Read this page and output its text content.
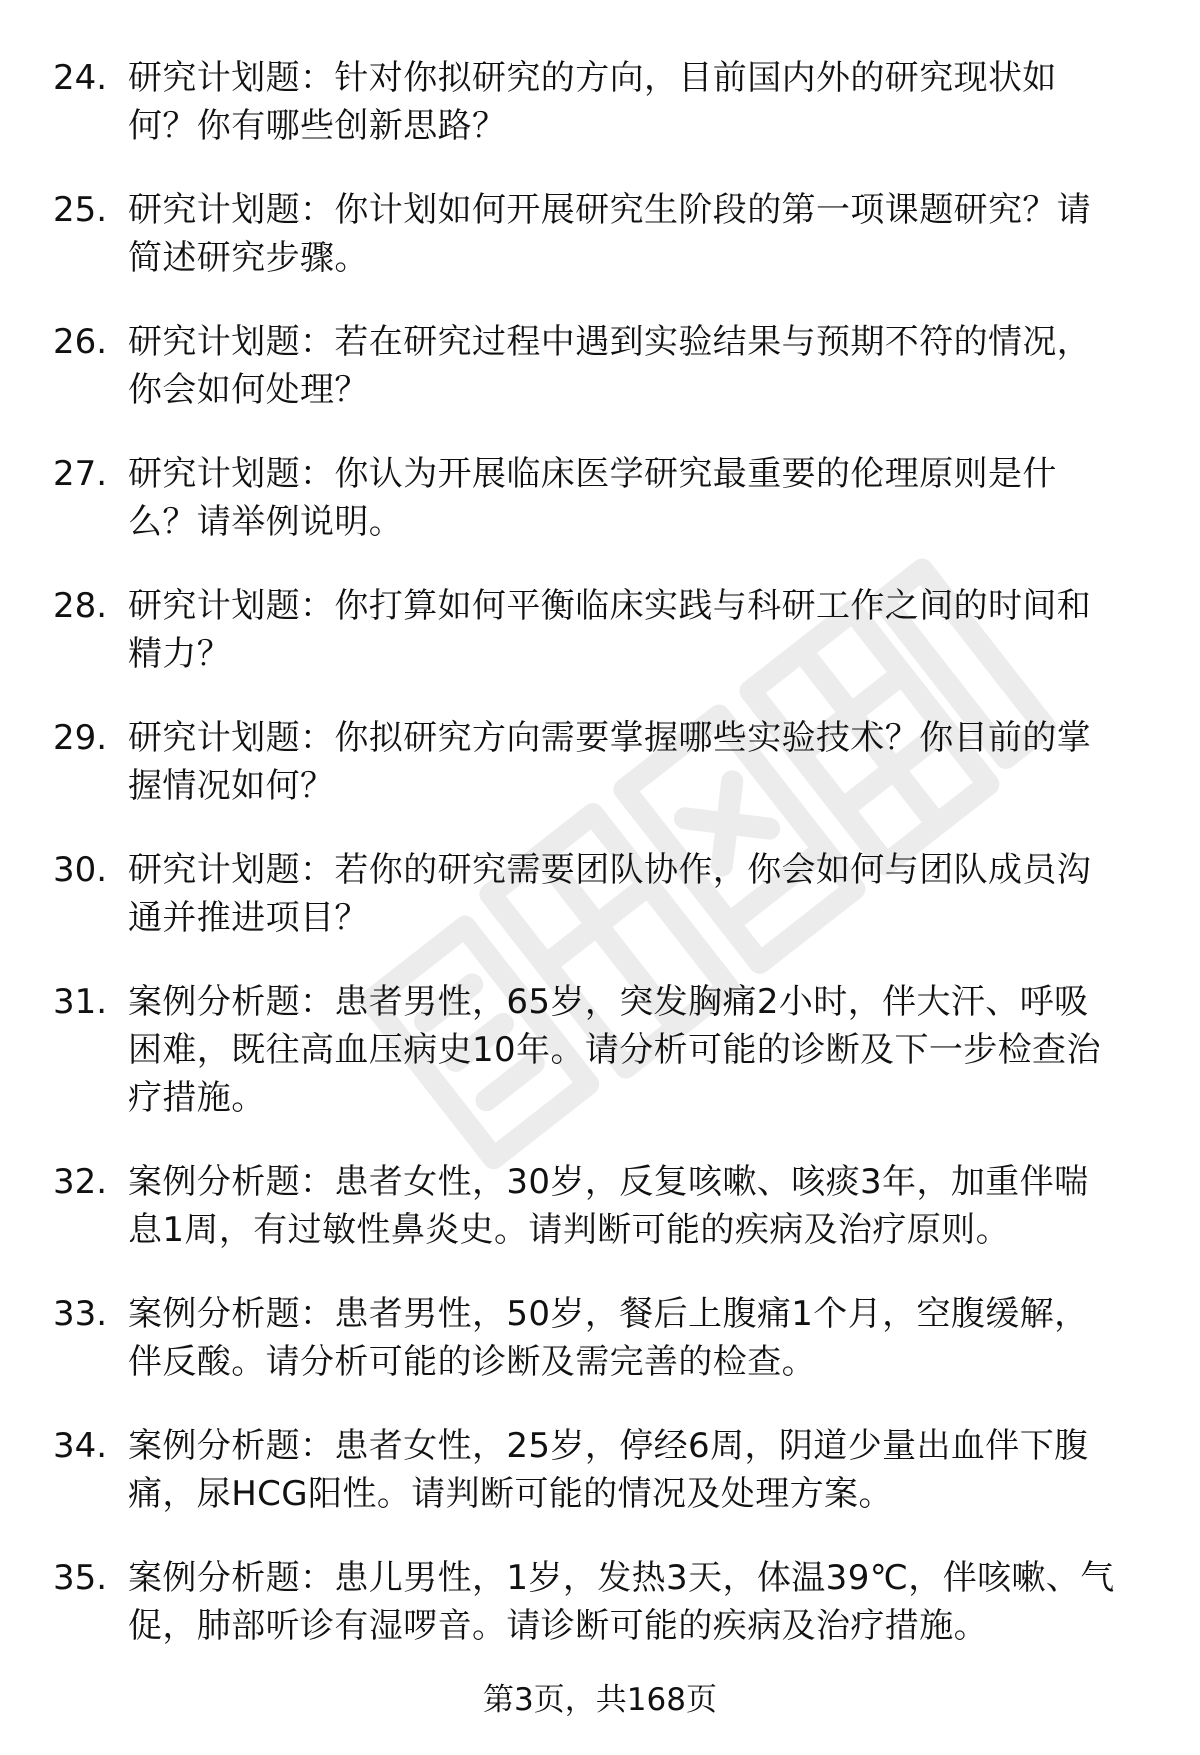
24. 研究计划题：针对你拟研究的方向，目前国内外的研究现状如
何？你有哪些创新思路？
25. 研究计划题：你计划如何开展研究生阶段的第一项课题研究？请
简述研究步骤。
26. 研究计划题：若在研究过程中遇到实验结果与预期不符的情况，
你会如何处理？
27. 研究计划题：你认为开展临床医学研究最重要的伦理原则是什
么？请举例说明。
28. 研究计划题：你打算如何平衡临床实践与科研工作之间的时间和
精力？
29. 研究计划题：你拟研究方向需要掌握哪些实验技术？你目前的掌
握情况如何？
30. 研究计划题：若你的研究需要团队协作，你会如何与团队成员沟
通并推进项目？
31. 案例分析题：患者男性，65岁，突发胸痛2小时，伴大汗、呼吸
困难，既往高血压病史10年。请分析可能的诊断及下一步检查治
疗措施。
32. 案例分析题：患者女性，30岁，反复咳嗽、咳痰3年，加重伴喘
息1周，有过敏性鼻炎史。请判断可能的疾病及治疗原则。
33. 案例分析题：患者男性，50岁，餐后上腹痛1个月，空腹缓解，
伴反酸。请分析可能的诊断及需完善的检查。
34. 案例分析题：患者女性，25岁，停经6周，阴道少量出血伴下腹
痛，尿HCG阳性。请判断可能的情况及处理方案。
35. 案例分析题：患儿男性，1岁，发热3天，体温39℃，伴咳嗽、气
促，肺部听诊有湿啰音。请诊断可能的疾病及治疗措施。
第3页，共168页
